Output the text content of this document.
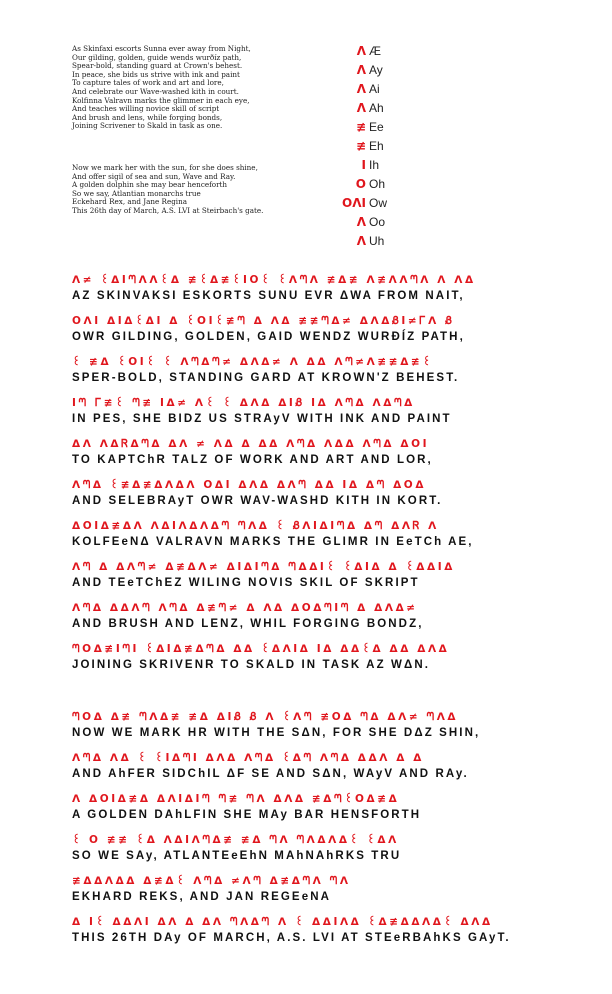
As Skinfaxi escorts Sunna ever away from Night,
Our gilding, golden, guide wends wurðíz path,
Spear-bold, standing guard at Crown's behest.
In peace, she bids us strive with ink and paint
To capture tales of work and art and lore,
And celebrate our Wave-washed kith in court.
Kolfinna Valravn marks the glimmer in each eye,
And teaches willing novice skill of script
And brush and lens, while forging bonds,
Joining Scrivener to Skald in task as one.
Now we mark her with the sun, for she does shine,
And offer sigil of sea and sun, Wave and Ray.
A golden dolphin she may bear henceforth
So we say, Atlantian monarchs true
Eckehard Rex, and Jane Regina
This 26th day of March, A.S. LVI at Steirbach's gate.
ᐱ Æ
ᐱ Ay
ᐱ Ai
ᐱ Ah
≢ Ee
≢ Eh
I Ih
O Oh
OᐱI Ow
ᐱ Oo
ᐱ Uh
ᐱ≠ ꒰ᐃIᘉᐱᐱ꒰ᐃ ≢꒰ᐃ≢꒰IO꒰ ꒰ᐱᘉᐱ ≢ᐃ≢ ᐱ≢ᐱᐱᘉᐱ ᐱ ᐱᐃ
AZ SKINVAKSI ESKORTS SUNU EVR ΔWA FROM NAIT,
OᐱI ᐃIᐃ꒰ᐃI ᐃ ꒰OI꒰≢ᘉ ᐃ ᐱᐃ ≢≢ᘉᐃ≠ ᐃᐱᐃᏰI≠Ꮁᐱ Ᏸ
OWR GILDING, GOLDEN, GAID WENDZ WURÐÍZ PATH,
꒰ ≢ᐃ ꒰OI꒰ ꒰ ᐱᘉᐃᘉ≠ ᐃᐱᐃ≠ ᐱ ᐃᐃ ᐱᘉ≠ᐱ≢≢ᐃ≢꒰
SPER-BOLD, STANDING GARD AT KROWN'Z BEHEST.
Iᘉ Ꮁ≢꒰ ᘉ≢ Iᐃ≠ ᐱ꒰ ꒰ ᐃᐱᐃ ᐃIᏰ Iᐃ ᐱᘉᐃ ᐱᐃᘉᐃ
IN PES, SHE BIDZ US STRAyV WITH INK AND PAINT
ᐃᐱ ᐱᐃᏒᐃᘉᐃ ᐃᐱ ≠ ᐱᐃ ᐃ ᐃᐃ ᐱᘉᐃ ᐱᐃᐃ ᐱᘉᐃ ᐃOI
TO KAPTChR TALZ OF WORK AND ART AND LOR,
ᐱᘉᐃ ꒰≢ᐃ≢ᐃᐱᐃᐱ OᐃI ᐃᐱᐃ ᐃᐱᘉ ᐃᐃ Iᐃ ᐃᘉ ᐃOᐃ
AND SELEBRAyT OWR WAV-WASHD KITH IN KORT.
ᐃOIᐃ≢ᐃᐱ ᐱᐃIᐱᐃᐱᐃᘉ ᘉᐱᐃ ꒰ ᏰᐱIᐃIᘉᐃ ᐃᘉ ᐃᐱᏒ ᐱ
KOLFEeNΔ VALRAVN MARKS THE GLIMR IN EeTCh AE,
ᐱᘉ ᐃ ᐃᐱᘉ≠ ᐃ≢ᐃᐱ≠ ᐃIᐃIᘉᐃ ᘉᐃᐃI꒰ ꒰ᐃIᐃ ᐃ ꒰ᐃᐃIᐃ
AND TEeTChEZ WILING NOVIS SKIL OF SKRIPT
ᐱᘉᐃ ᐃᐃᐱᘉ ᐱᘉᐃ ᐃ≢ᘉ≠ ᐃ ᐱᐃ ᐃOᐃᘉIᘉ ᐃ ᐃᐱᐃ≠
AND BRUSH AND LENZ, WHIL FORGING BONDZ,
ᘉOᐃ≢IᘉI ꒰ᐃIᐃ≢ᐃᘉᐃ ᐃᐃ ꒰ᐃᐱIᐃ Iᐃ ᐃᐃ꒰ᐃ ᐃᐃ ᐃᐱᐃ
JOINING SKRIVENR TO SKALD IN TASK AZ WΔN.
ᘉOᐃ ᐃ≢ ᘉᐱᐃ≢ ≢ᐃ ᐃIᏰ Ᏸ ᐱ ꒰ᐱᘉ ≢Oᐃ ᘉᐃ ᐃᐱ≠ ᘉᐱᐃ
NOW WE MARK HR WITH THE SΔN, FOR SHE DΔZ SHIN,
ᐱᘉᐃ ᐱᐃ ꒰ ꒰IᐃᘉI ᐃᐱᐃ ᐱᘉᐃ ꒰ᐃᘉ ᐱᘉᐃ ᐃᐃᐱ ᐃ ᐃ
AND AhFER SIDChIL ΔF SE AND SΔN, WAyV AND RAy.
ᐱ ᐃOIᐃ≢ᐃ ᐃᐱIᐃIᘉ ᘉ≢ ᘉᐱ ᐃᐱᐃ ≢ᐃᘉ꒰Oᐃ≢ᐃ
A GOLDEN DAhLFIN SHE MAy BAR HENSFORTH
꒰ O ≢≢ ꒰ᐃ ᐱᐃIᐱᘉᐃ≢ ≢ᐃ ᘉᐱ ᘉᐱᐃᐱᐃ꒰ ꒰ᐃᐱ
SO WE SAy, ATLANTEeEhN MAhNAhRKS TRU
≢ᐃᐃᐱᐃᐃ ᐃ≢ᐃ꒰ ᐱᘉᐃ ≠ᐱᘉ ᐃ≢ᐃᘉᐱ ᘉᐱ
EKHARD REKS, AND JAN REGEeNA
ᐃ I꒰ ᐃᐃᐱI ᐃᐱ ᐃ ᐃᐱ ᘉᐱᐃᘉ ᐱ ꒰ ᐃᐃIᐱᐃ ꒰ᐃ≢ᐃᐃᐱᐃ꒰ ᐃᐱᐃ
THIS 26TH DAy OF MARCH, A.S. LVI AT STEeRBAhKS GAyT.
